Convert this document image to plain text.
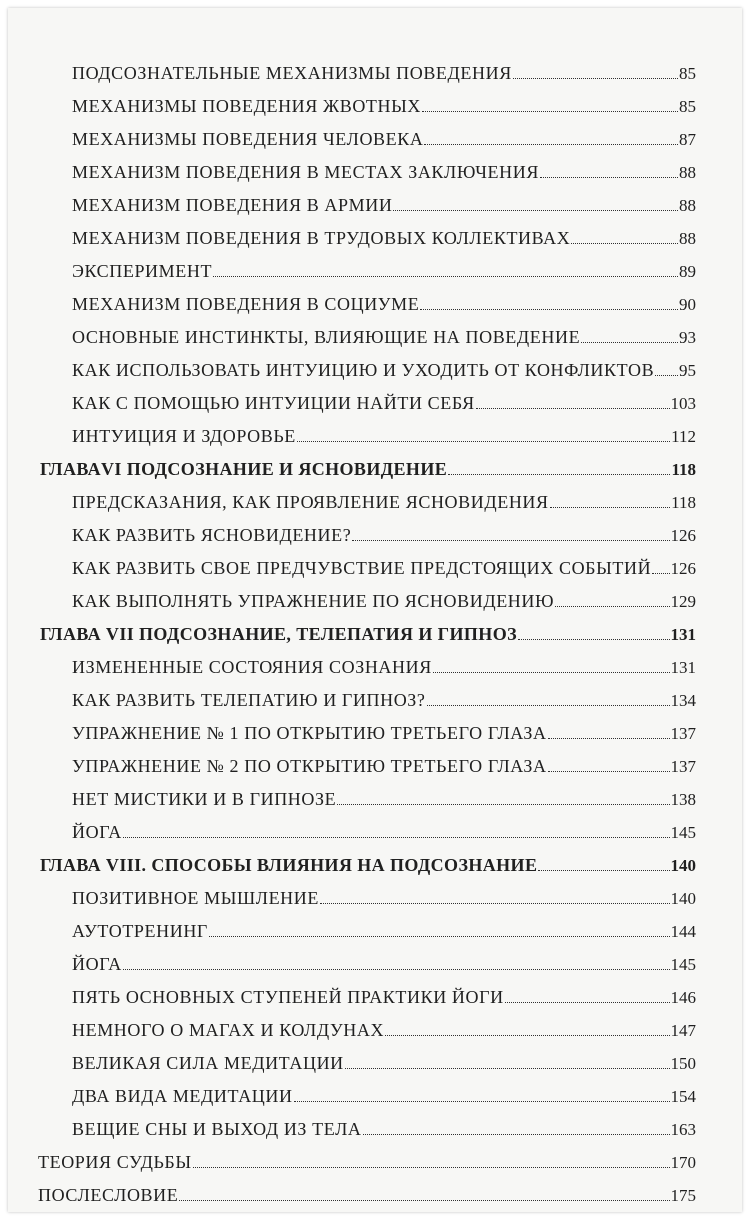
ПОДСОЗНАТЕЛЬНЫЕ МЕХАНИЗМЫ ПОВЕДЕНИЯ	85
МЕХАНИЗМЫ ПОВЕДЕНИЯ ЖВОТНЫХ	85
МЕХАНИЗМЫ ПОВЕДЕНИЯ ЧЕЛОВЕКА	87
МЕХАНИЗМ ПОВЕДЕНИЯ В МЕСТАХ ЗАКЛЮЧЕНИЯ	88
МЕХАНИЗМ ПОВЕДЕНИЯ В АРМИИ	88
МЕХАНИЗМ ПОВЕДЕНИЯ В ТРУДОВЫХ КОЛЛЕКТИВАХ	88
ЭКСПЕРИМЕНТ	89
МЕХАНИЗМ ПОВЕДЕНИЯ В СОЦИУМЕ	90
ОСНОВНЫЕ ИНСТИНКТЫ, ВЛИЯЮЩИЕ НА ПОВЕДЕНИЕ	93
КАК ИСПОЛЬЗОВАТЬ ИНТУИЦИЮ И УХОДИТЬ ОТ КОНФЛИКТОВ 95
КАК С ПОМОЩЬЮ ИНТУИЦИИ НАЙТИ СЕБЯ	103
ИНТУИЦИЯ И ЗДОРОВЬЕ	112
ГЛАВАVI ПОДСОЗНАНИЕ И ЯСНОВИДЕНИЕ	118
ПРЕДСКАЗАНИЯ, КАК ПРОЯВЛЕНИЕ ЯСНОВИДЕНИЯ	118
КАК РАЗВИТЬ ЯСНОВИДЕНИЕ?	126
КАК РАЗВИТЬ СВОЕ ПРЕДЧУВСТВИЕ ПРЕДСТОЯЩИХ СОБЫТИЙ 126
КАК ВЫПОЛНЯТЬ УПРАЖНЕНИЕ ПО ЯСНОВИДЕНИЮ	129
ГЛАВА VII ПОДСОЗНАНИЕ, ТЕЛЕПАТИЯ И ГИПНОЗ	131
ИЗМЕНЕННЫЕ СОСТОЯНИЯ СОЗНАНИЯ	131
КАК РАЗВИТЬ ТЕЛЕПАТИЮ И ГИПНОЗ?	134
УПРАЖНЕНИЕ № 1 ПО ОТКРЫТИЮ ТРЕТЬЕГО ГЛАЗА	137
УПРАЖНЕНИЕ № 2 ПО ОТКРЫТИЮ ТРЕТЬЕГО ГЛАЗА	137
НЕТ МИСТИКИ И В ГИПНОЗЕ	138
ЙОГА	145
ГЛАВА VIII. СПОСОБЫ ВЛИЯНИЯ НА ПОДСОЗНАНИЕ	140
ПОЗИТИВНОЕ МЫШЛЕНИЕ	140
АУТОТРЕНИНГ	144
ЙОГА	145
ПЯТЬ ОСНОВНЫХ СТУПЕНЕЙ ПРАКТИКИ ЙОГИ	146
НЕМНОГО О МАГАХ И КОЛДУНАХ	147
ВЕЛИКАЯ СИЛА МЕДИТАЦИИ	150
ДВА ВИДА МЕДИТАЦИИ	154
ВЕЩИЕ СНЫ И ВЫХОД ИЗ ТЕЛА	163
ТЕОРИЯ СУДЬБЫ	170
ПОСЛЕСЛОВИЕ	175
